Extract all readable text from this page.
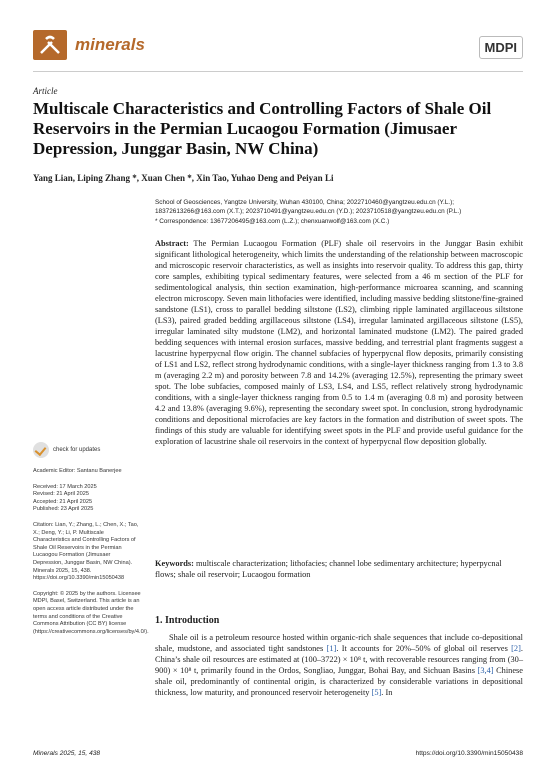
minerals	MDPI
Article
Multiscale Characteristics and Controlling Factors of Shale Oil Reservoirs in the Permian Lucaogou Formation (Jimusaer Depression, Junggar Basin, NW China)
Yang Lian, Liping Zhang *, Xuan Chen *, Xin Tao, Yuhao Deng and Peiyan Li
School of Geosciences, Yangtze University, Wuhan 430100, China; 2022710460@yangtzeu.edu.cn (Y.L.); 18372613266@163.com (X.T.); 2023710491@yangtzeu.edu.cn (Y.D.); 2023710518@yangtzeu.edu.cn (P.L.)
* Correspondence: 13677206495@163.com (L.Z.); chenxuanwolf@163.com (X.C.)
Abstract: The Permian Lucaogou Formation (PLF) shale oil reservoirs in the Junggar Basin exhibit significant lithological heterogeneity, which limits the understanding of the relationship between macroscopic and microscopic reservoir characteristics, as well as insights into reservoir quality. To address this gap, thirty core samples, exhibiting typical sedimentary features, were selected from a 46 m section of the PLF for sedimentological analysis, thin section examination, high-performance microarea scanning, and scanning electron microscopy. Seven main lithofacies were identified, including massive bedding slitstone/fine-grained sandstone (LS1), cross to parallel bedding siltstone (LS2), climbing ripple laminated argillaceous siltstone (LS3), paired graded bedding argillaceous siltstone (LS4), irregular laminated argillaceous siltstone (LS5), irregular laminated silty mudstone (LM2), and horizontal laminated mudstone (LM2). The paired graded bedding sequences with internal erosion surfaces, massive bedding, and terrestrial plant fragments suggest a lacustrine hyperpycnal flow origin. The channel subfacies of hyperpycnal flow deposits, primarily consisting of LS1 and LS2, reflect strong hydrodynamic conditions, with a single-layer thickness ranging from 1.3 to 3.8 m (averaging 2.2 m) and porosity between 7.8 and 14.2% (averaging 12.5%), representing the primary sweet spot. The lobe subfacies, composed mainly of LS3, LS4, and LS5, reflect relatively strong hydrodynamic conditions, with a single-layer thickness ranging from 0.5 to 1.4 m (averaging 0.8 m) and porosity between 4.2 and 13.8% (averaging 9.6%), representing the secondary sweet spot. In conclusion, strong hydrodynamic conditions and depositional microfacies are key factors in the formation and distribution of sweet spots. The findings of this study are valuable for identifying sweet spots in the PLF and provide useful guidance for the exploration of lacustrine shale oil reservoirs in the context of hyperpycnal flow deposition globally.
Keywords: multiscale characterization; lithofacies; channel lobe sedimentary architecture; hyperpycnal flows; shale oil reservoir; Lucaogou formation
check for updates
Academic Editor: Santanu Banerjee
Received: 17 March 2025
Revised: 21 April 2025
Accepted: 21 April 2025
Published: 23 April 2025
Citation: Lian, Y.; Zhang, L.; Chen, X.; Tao, X.; Deng, Y.; Li, P. Multiscale Characteristics and Controlling Factors of Shale Oil Reservoirs in the Permian Lucaogou Formation (Jimusaer Depression, Junggar Basin, NW China). Minerals 2025, 15, 438. https://doi.org/10.3390/min15050438
Copyright: © 2025 by the authors. Licensee MDPI, Basel, Switzerland. This article is an open access article distributed under the terms and conditions of the Creative Commons Attribution (CC BY) license (https://creativecommons.org/licenses/by/4.0/).
1. Introduction
Shale oil is a petroleum resource hosted within organic-rich shale sequences that include co-depositional shale, mudstone, and associated tight sandstones [1]. It accounts for 20%–50% of global oil reserves [2]. China’s shale oil resources are estimated at (100–3722) × 10⁸ t, with recoverable resources ranging from (30–900) × 10⁸ t, primarily found in the Ordos, Songliao, Junggar, Bohai Bay, and Sichuan Basins [3,4] Chinese shale oil, predominantly of continental origin, is characterized by considerable variations in depositional thickness, low maturity, and pronounced reservoir heterogeneity [5]. In
Minerals 2025, 15, 438	https://doi.org/10.3390/min15050438
